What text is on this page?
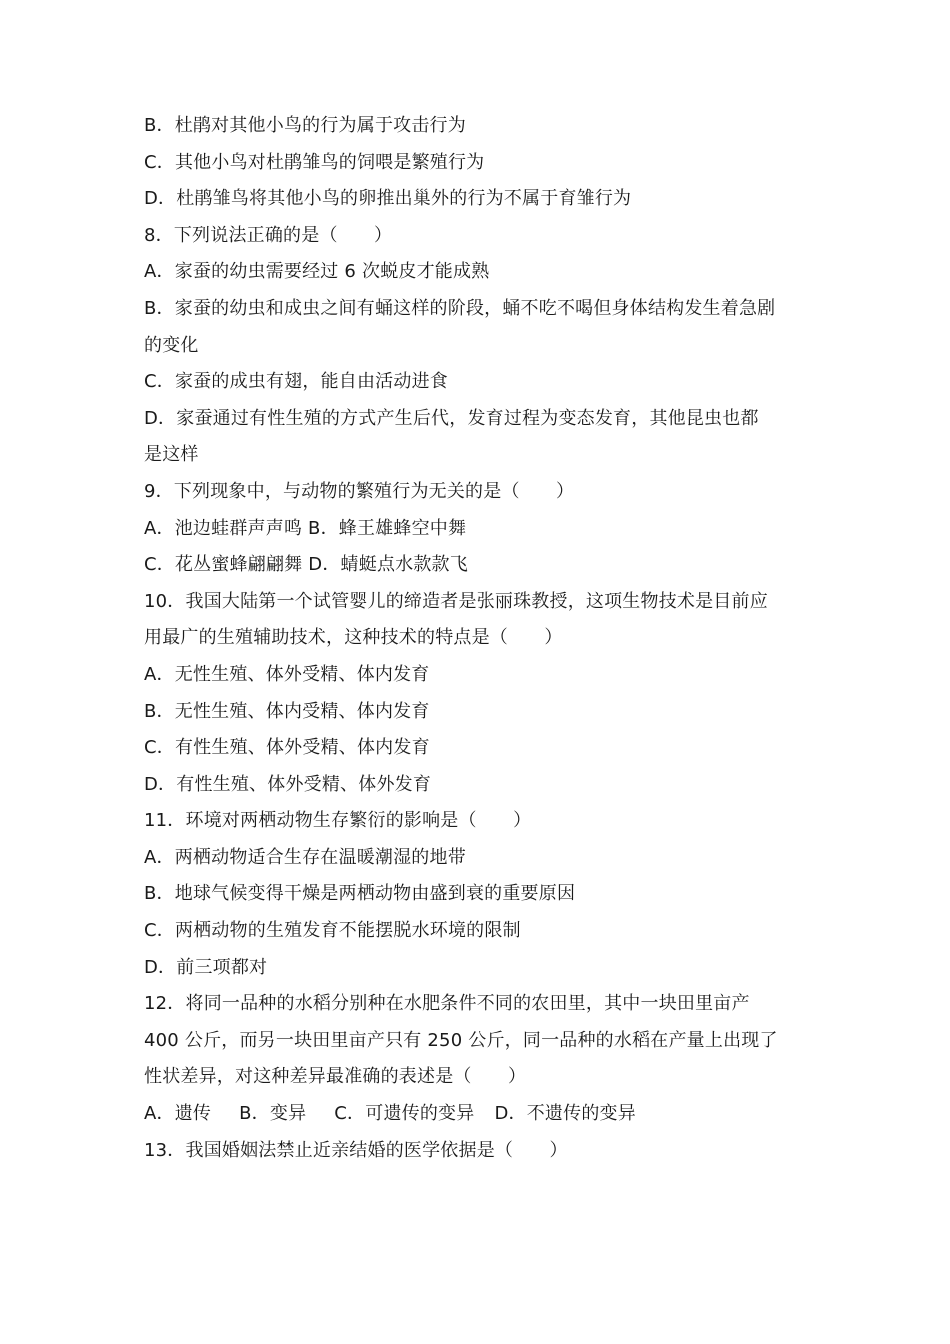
B．杜鹃对其他小鸟的行为属于攻击行为
C．其他小鸟对杜鹃雏鸟的饲喂是繁殖行为
D．杜鹃雏鸟将其他小鸟的卵推出巢外的行为不属于育雏行为
8．下列说法正确的是（　　）
A．家蚕的幼虫需要经过 6 次蜕皮才能成熟
B．家蚕的幼虫和成虫之间有蛹这样的阶段，蛹不吃不喝但身体结构发生着急剧
的变化
C．家蚕的成虫有翅，能自由活动进食
D．家蚕通过有性生殖的方式产生后代，发育过程为变态发育，其他昆虫也都
是这样
9．下列现象中，与动物的繁殖行为无关的是（　　）
A．池边蛙群声声鸣 B．蜂王雄蜂空中舞
C．花丛蜜蜂翩翩舞 D．蜻蜓点水款款飞
10．我国大陆第一个试管婴儿的缔造者是张丽珠教授，这项生物技术是目前应
用最广的生殖辅助技术，这种技术的特点是（　　）
A．无性生殖、体外受精、体内发育
B．无性生殖、体内受精、体内发育
C．有性生殖、体外受精、体内发育
D．有性生殖、体外受精、体外发育
11．环境对两栖动物生存繁衍的影响是（　　）
A．两栖动物适合生存在温暖潮湿的地带
B．地球气候变得干燥是两栖动物由盛到衰的重要原因
C．两栖动物的生殖发育不能摆脱水环境的限制
D．前三项都对
12．将同一品种的水稻分别种在水肥条件不同的农田里，其中一块田里亩产
400 公斤，而另一块田里亩产只有 250 公斤，同一品种的水稻在产量上出现了
性状差异，对这种差异最准确的表述是（　　）
A．遗传 B．变异 C．可遗传的变异 D．不遗传的变异
13．我国婚姻法禁止近亲结婚的医学依据是（　　）
